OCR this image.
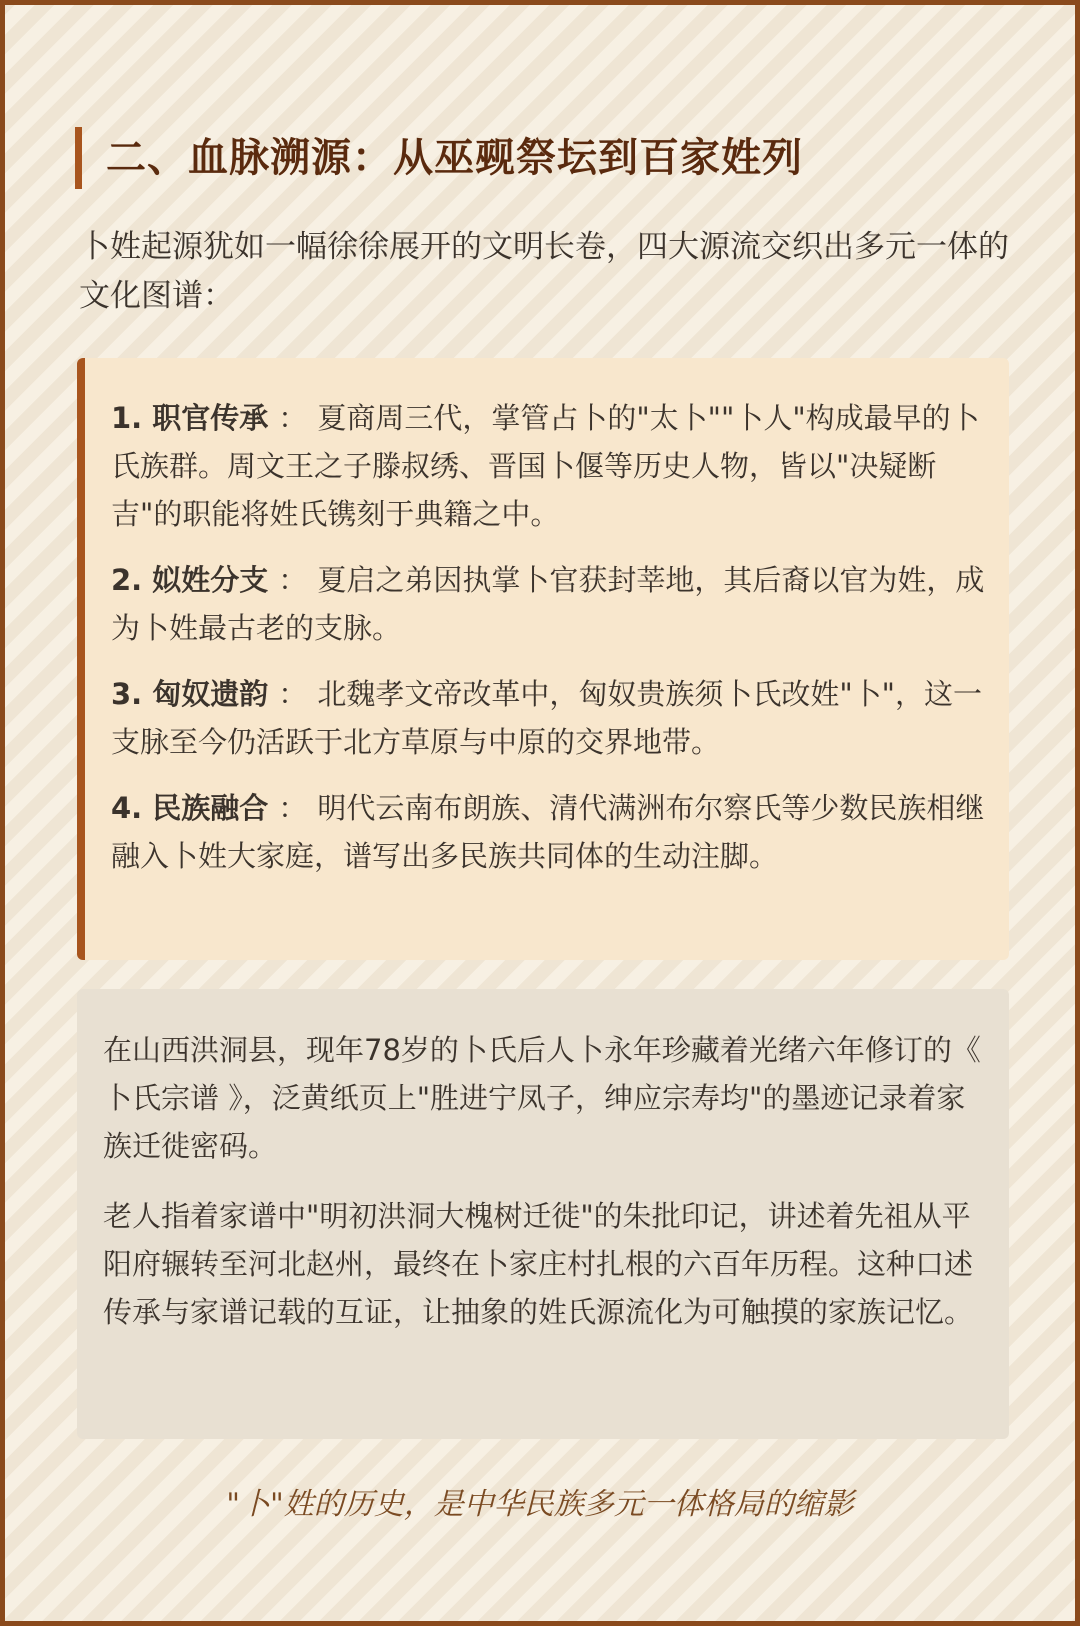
二、血脉溯源：从巫觋祭坛到百家姓列
卜姓起源犹如一幅徐徐展开的文明长卷，四大源流交织出多元一体的文化图谱：
1. 职官传承 ： 夏商周三代，掌管占卜的"太卜""卜人"构成最早的卜氏族群。周文王之子滕叔绣、晋国卜偃等历史人物，皆以"决疑断吉"的职能将姓氏镌刻于典籍之中。
2. 姒姓分支 ： 夏启之弟因执掌卜官获封莘地，其后裔以官为姓，成为卜姓最古老的支脉。
3. 匈奴遗韵 ： 北魏孝文帝改革中，匈奴贵族须卜氏改姓"卜"，这一支脉至今仍活跃于北方草原与中原的交界地带。
4. 民族融合 ： 明代云南布朗族、清代满洲布尔察氏等少数民族相继融入卜姓大家庭，谱写出多民族共同体的生动注脚。

在山西洪洞县，现年78岁的卜氏后人卜永年珍藏着光绪六年修订的《 卜氏宗谱 》，泛黄纸页上"胜进宁凤子，绅应宗寿均"的墨迹记录着家族迁徙密码。

老人指着家谱中"明初洪洞大槐树迁徙"的朱批印记，讲述着先祖从平阳府辗转至河北赵州，最终在卜家庄村扎根的六百年历程。这种口述传承与家谱记载的互证，让抽象的姓氏源流化为可触摸的家族记忆。

"卜"姓的历史，是中华民族多元一体格局的缩影
